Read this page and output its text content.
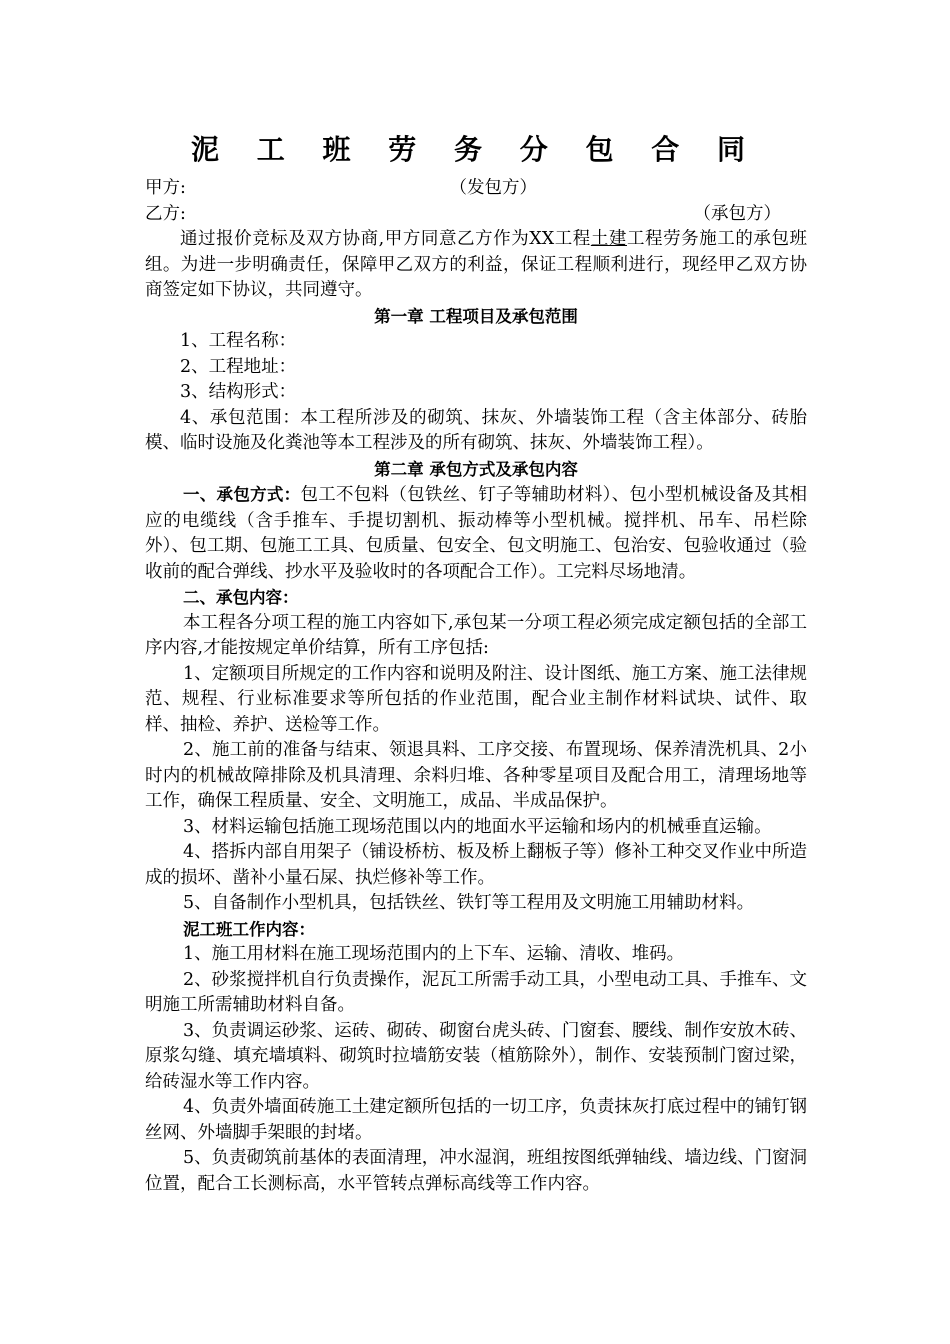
泥 工 班 劳 务 分 包 合 同
甲方:	（发包方）
乙方:	（承包方）

通过报价竞标及双方协商,甲方同意乙方作为XX工程土建工程劳务施工的承包班组。为进一步明确责任，保障甲乙双方的利益，保证工程顺利进行，现经甲乙双方协商签定如下协议，共同遵守。

第一章 工程项目及承包范围

1、工程名称：

2、工程地址：

3、结构形式：

4、承包范围：本工程所涉及的砌筑、抹灰、外墙装饰工程（含主体部分、砖胎模、临时设施及化粪池等本工程涉及的所有砌筑、抹灰、外墙装饰工程）。

第二章 承包方式及承包内容

一、承包方式：包工不包料（包铁丝、钉子等辅助材料）、包小型机械设备及其相应的电缆线（含手推车、手提切割机、振动棒等小型机械。搅拌机、吊车、吊栏除外）、包工期、包施工工具、包质量、包安全、包文明施工、包治安、包验收通过（验收前的配合弹线、抄水平及验收时的各项配合工作）。工完料尽场地清。

二、承包内容：

本工程各分项工程的施工内容如下,承包某一分项工程必须完成定额包括的全部工序内容,才能按规定单价结算，所有工序包括:

1、定额项目所规定的工作内容和说明及附注、设计图纸、施工方案、施工法律规范、规程、行业标准要求等所包括的作业范围，配合业主制作材料试块、试件、取样、抽检、养护、送检等工作。

2、施工前的准备与结束、领退具料、工序交接、布置现场、保养清洗机具、2小时内的机械故障排除及机具清理、余料归堆、各种零星项目及配合用工，清理场地等工作，确保工程质量、安全、文明施工，成品、半成品保护。

3、材料运输包括施工现场范围以内的地面水平运输和场内的机械垂直运输。

4、搭拆内部自用架子（铺设桥枋、板及桥上翻板子等）修补工种交叉作业中所造成的损坏、凿补小量石屎、执烂修补等工作。

5、自备制作小型机具，包括铁丝、铁钉等工程用及文明施工用辅助材料。

泥工班工作内容：

1、施工用材料在施工现场范围内的上下车、运输、清收、堆码。

2、砂浆搅拌机自行负责操作，泥瓦工所需手动工具，小型电动工具、手推车、文明施工所需辅助材料自备。

3、负责调运砂浆、运砖、砌砖、砌窗台虎头砖、门窗套、腰线、制作安放木砖、原浆勾缝、填充墙填料、砌筑时拉墙筋安装（植筋除外），制作、安装预制门窗过梁，给砖湿水等工作内容。

4、负责外墙面砖施工土建定额所包括的一切工序，负责抹灰打底过程中的铺钉钢丝网、外墙脚手架眼的封堵。

5、负责砌筑前基体的表面清理，冲水湿润，班组按图纸弹轴线、墙边线、门窗洞位置，配合工长测标高，水平管转点弹标高线等工作内容。
